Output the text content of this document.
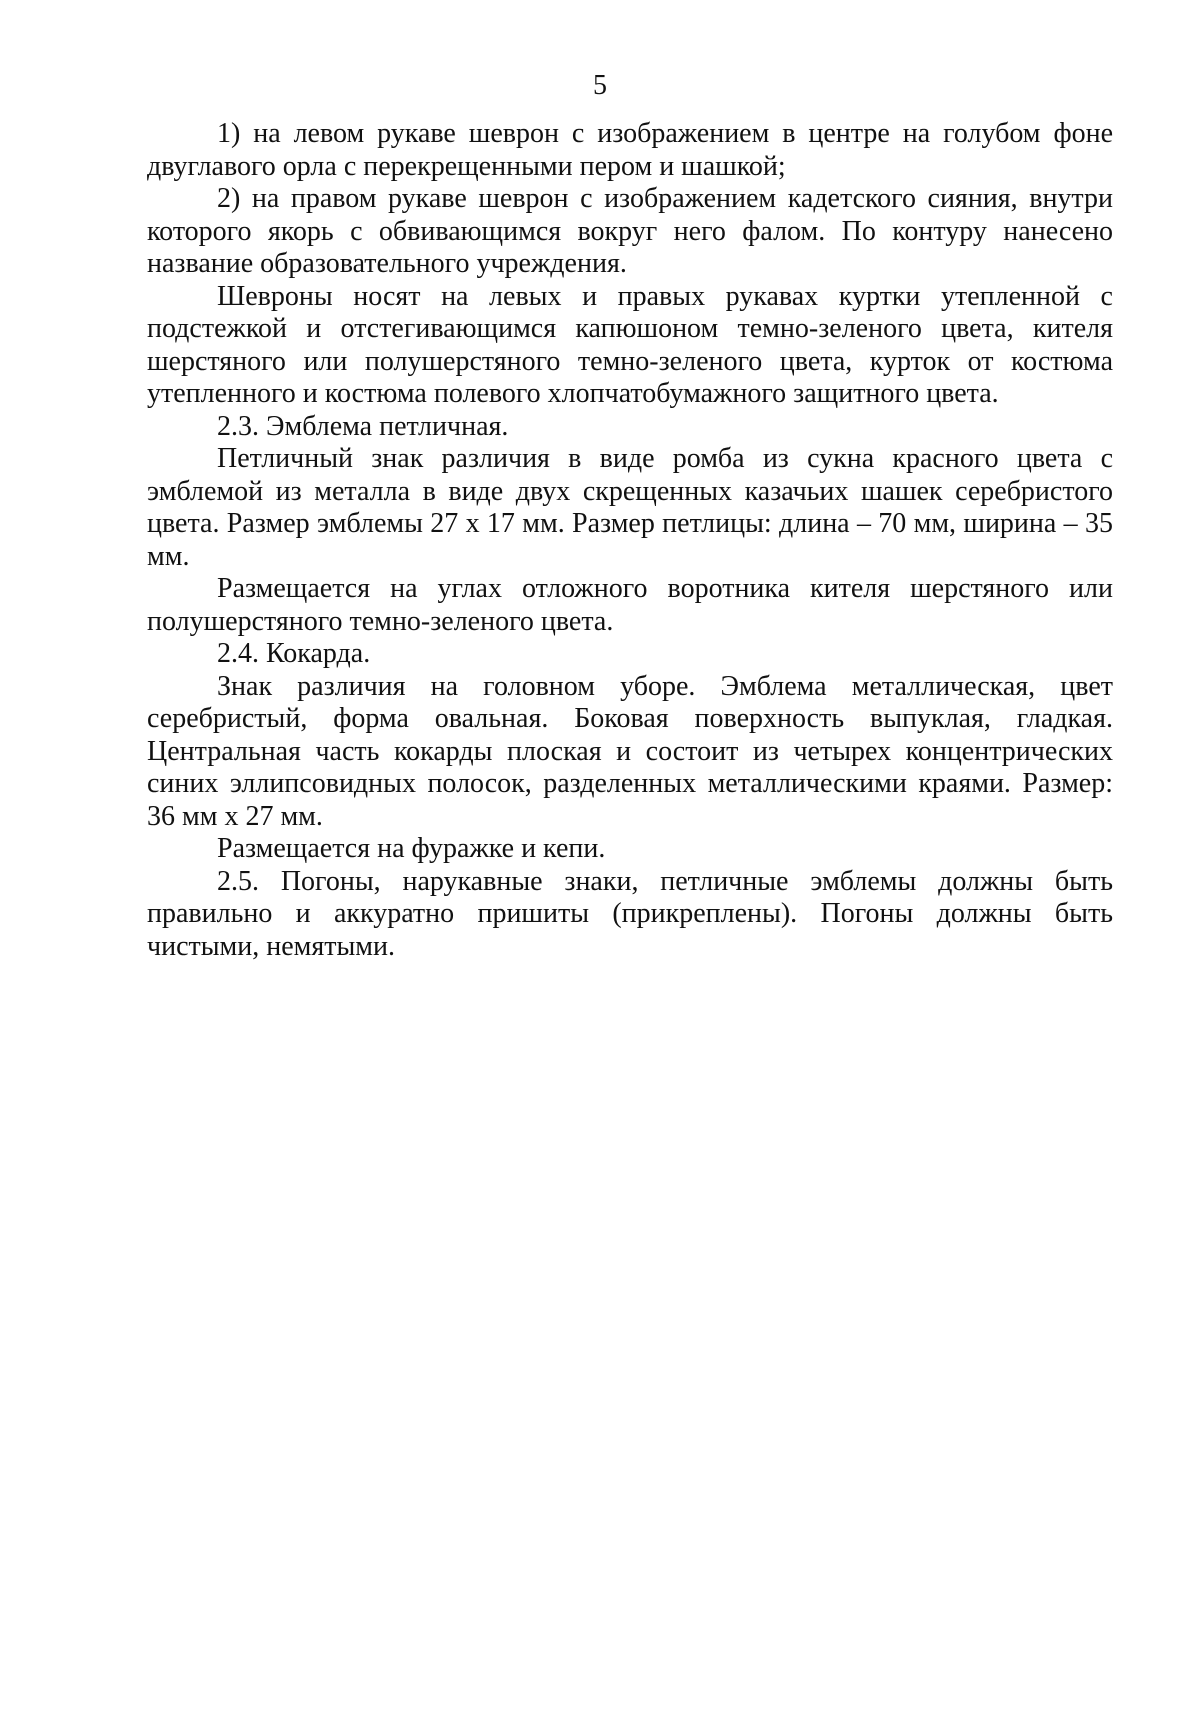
5

1) на левом рукаве шеврон с изображением в центре на голубом фоне двуглавого орла с перекрещенными пером и шашкой;

2) на правом рукаве шеврон с изображением кадетского сияния, внутри которого якорь с обвивающимся вокруг него фалом. По контуру нанесено название образовательного учреждения.

Шевроны носят на левых и правых рукавах куртки утепленной с подстежкой и отстегивающимся капюшоном темно-зеленого цвета, кителя шерстяного или полушерстяного темно-зеленого цвета, курток от костюма утепленного и костюма полевого хлопчатобумажного защитного цвета.

2.3. Эмблема петличная.

Петличный знак различия в виде ромба из сукна красного цвета с эмблемой из металла в виде двух скрещенных казачьих шашек серебристого цвета. Размер эмблемы 27 х 17 мм. Размер петлицы: длина – 70 мм, ширина – 35 мм.

Размещается на углах отложного воротника кителя шерстяного или полушерстяного темно-зеленого цвета.

2.4. Кокарда.

Знак различия на головном уборе. Эмблема металлическая, цвет серебристый, форма овальная. Боковая поверхность выпуклая, гладкая. Центральная часть кокарды плоская и состоит из четырех концентрических синих эллипсовидных полосок, разделенных металлическими краями. Размер: 36 мм х 27 мм.

Размещается на фуражке и кепи.

2.5. Погоны, нарукавные знаки, петличные эмблемы должны быть правильно и аккуратно пришиты (прикреплены). Погоны должны быть чистыми, немятыми.
